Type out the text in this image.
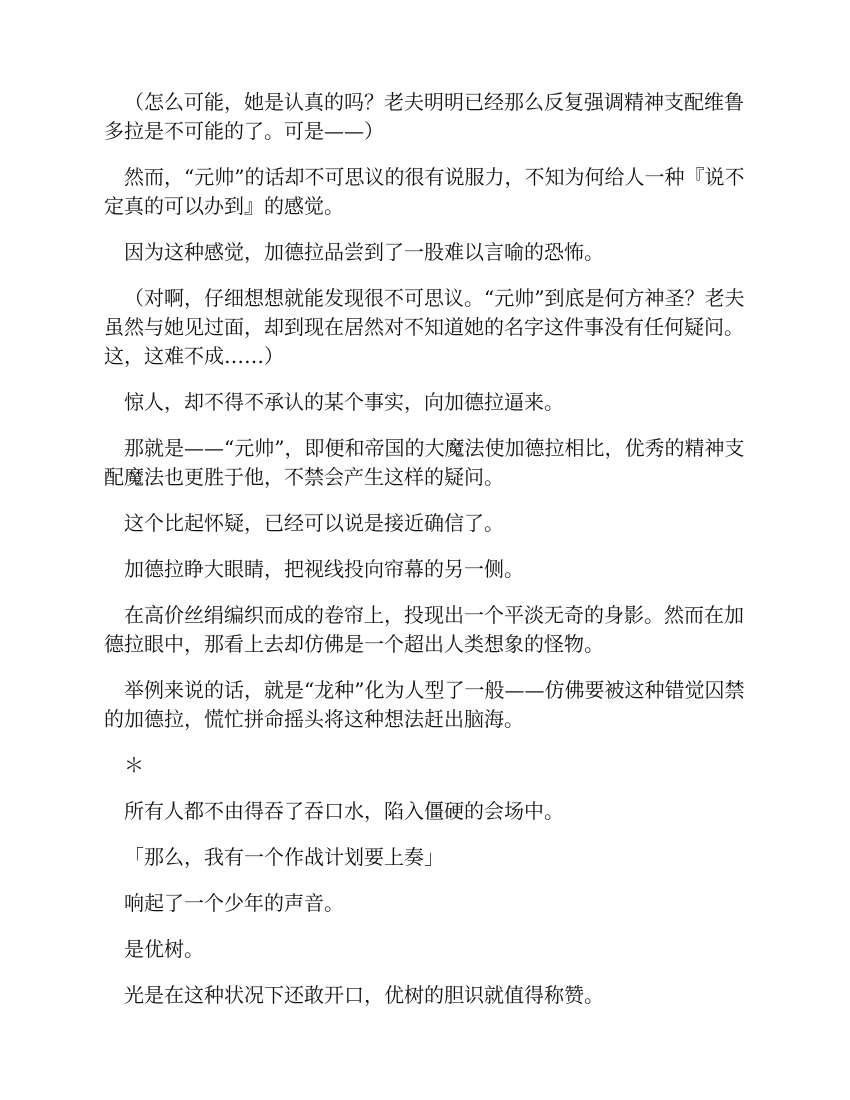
（怎么可能，她是认真的吗？老夫明明已经那么反复强调精神支配维鲁多拉是不可能的了。可是——）

然而，“元帅”的话却不可思议的很有说服力，不知为何给人一种『说不定真的可以办到』的感觉。

因为这种感觉，加德拉品尝到了一股难以言喻的恐怖。

（对啊，仔细想想就能发现很不可思议。“元帅”到底是何方神圣？老夫虽然与她见过面，却到现在居然对不知道她的名字这件事没有任何疑问。这，这难不成……）

惊人，却不得不承认的某个事实，向加德拉逼来。

那就是——“元帅”，即便和帝国的大魔法使加德拉相比，优秀的精神支配魔法也更胜于他，不禁会产生这样的疑问。

这个比起怀疑，已经可以说是接近确信了。

加德拉睁大眼睛，把视线投向帘幕的另一侧。

在高价丝绢编织而成的卷帘上，投现出一个平淡无奇的身影。然而在加德拉眼中，那看上去却仿佛是一个超出人类想象的怪物。

举例来说的话，就是“龙种”化为人型了一般——仿佛要被这种错觉囚禁的加德拉，慌忙拼命摇头将这种想法赶出脑海。

＊

所有人都不由得吞了吞口水，陷入僵硬的会场中。

「那么，我有一个作战计划要上奏」

响起了一个少年的声音。

是优树。

光是在这种状况下还敢开口，优树的胆识就值得称赞。
